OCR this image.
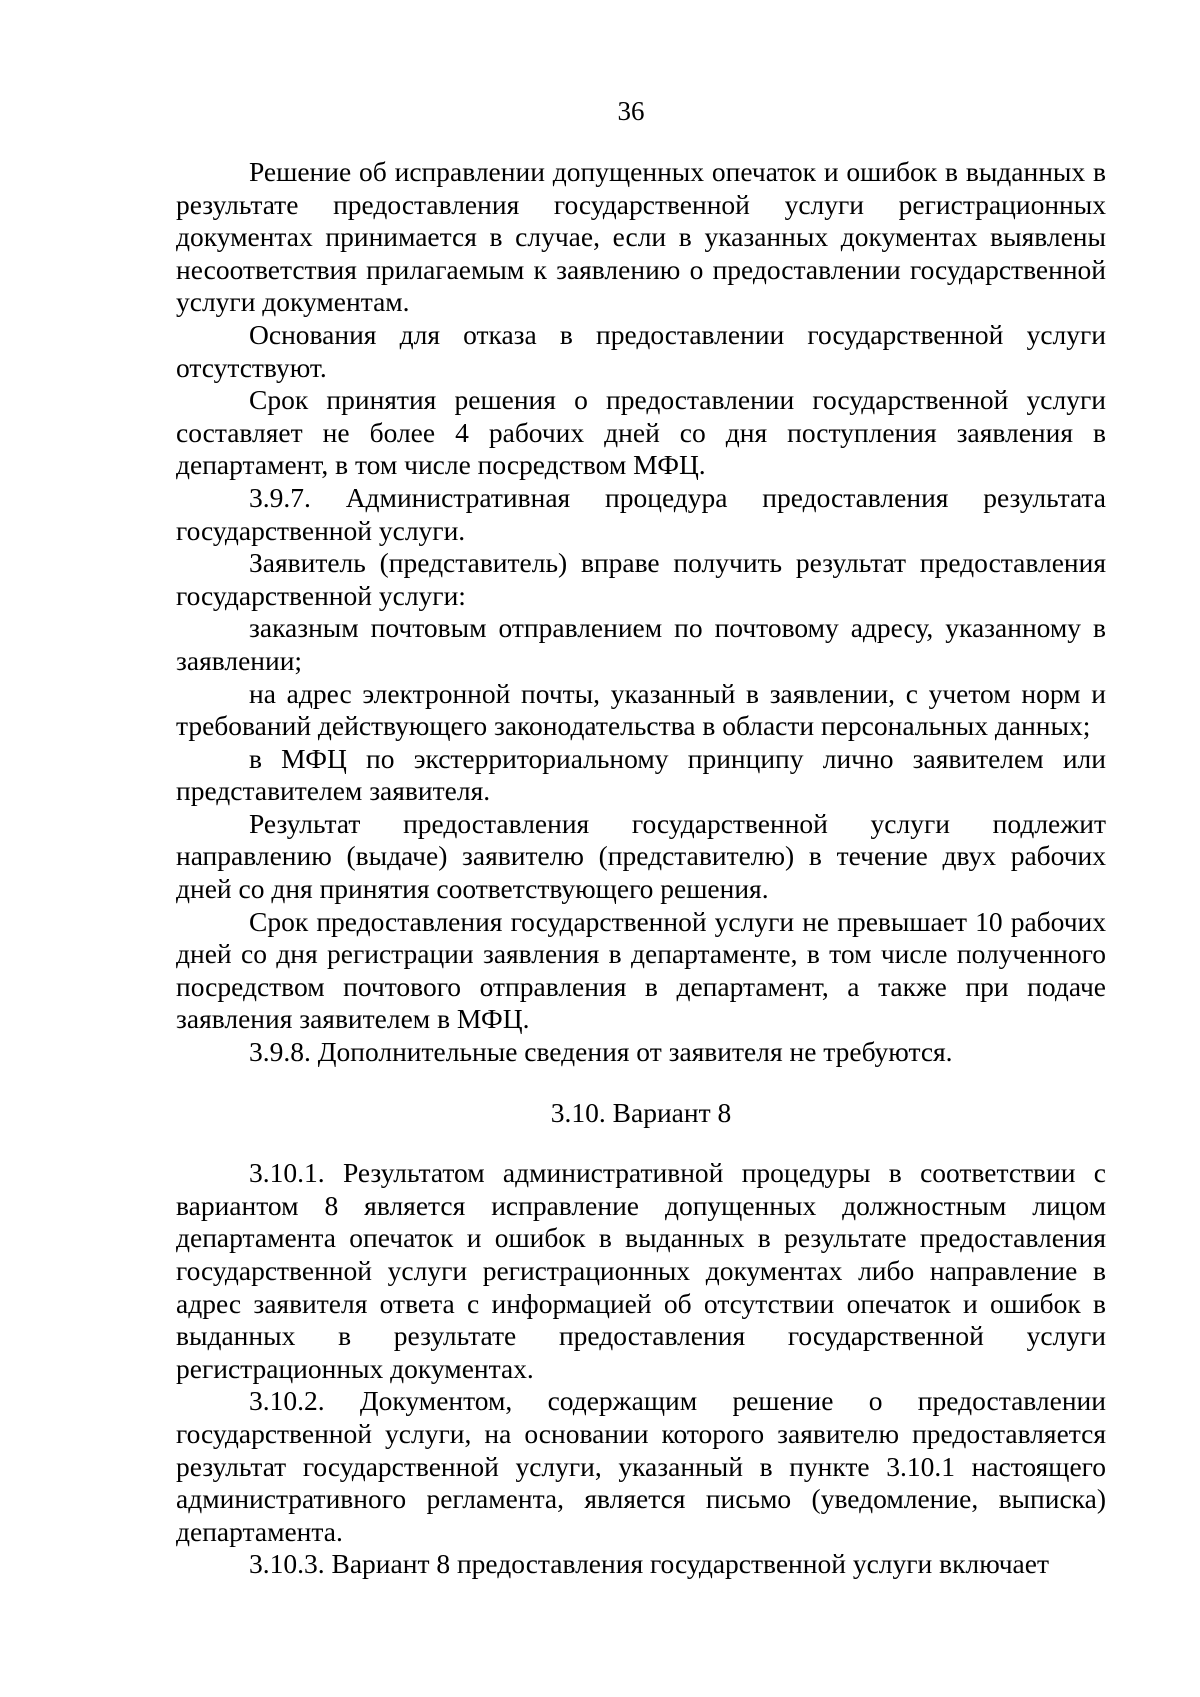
36

Решение об исправлении допущенных опечаток и ошибок в выданных в результате предоставления государственной услуги регистрационных документах принимается в случае, если в указанных документах выявлены несоответствия прилагаемым к заявлению о предоставлении государственной услуги документам.

Основания для отказа в предоставлении государственной услуги отсутствуют.

Срок принятия решения о предоставлении государственной услуги составляет не более 4 рабочих дней со дня поступления заявления в департамент, в том числе посредством МФЦ.

3.9.7. Административная процедура предоставления результата государственной услуги.

Заявитель (представитель) вправе получить результат предоставления государственной услуги:

заказным почтовым отправлением по почтовому адресу, указанному в заявлении;

на адрес электронной почты, указанный в заявлении, с учетом норм и требований действующего законодательства в области персональных данных;

в МФЦ по экстерриториальному принципу лично заявителем или представителем заявителя.

Результат предоставления государственной услуги подлежит направлению (выдаче) заявителю (представителю) в течение двух рабочих дней со дня принятия соответствующего решения.

Срок предоставления государственной услуги не превышает 10 рабочих дней со дня регистрации заявления в департаменте, в том числе полученного посредством почтового отправления в департамент, а также при подаче заявления заявителем в МФЦ.

3.9.8. Дополнительные сведения от заявителя не требуются.

3.10. Вариант 8

3.10.1. Результатом административной процедуры в соответствии с вариантом 8 является исправление допущенных должностным лицом департамента опечаток и ошибок в выданных в результате предоставления государственной услуги регистрационных документах либо направление в адрес заявителя ответа с информацией об отсутствии опечаток и ошибок в выданных в результате предоставления государственной услуги регистрационных документах.

3.10.2. Документом, содержащим решение о предоставлении государственной услуги, на основании которого заявителю предоставляется результат государственной услуги, указанный в пункте 3.10.1 настоящего административного регламента, является письмо (уведомление, выписка) департамента.

3.10.3. Вариант 8 предоставления государственной услуги включает
